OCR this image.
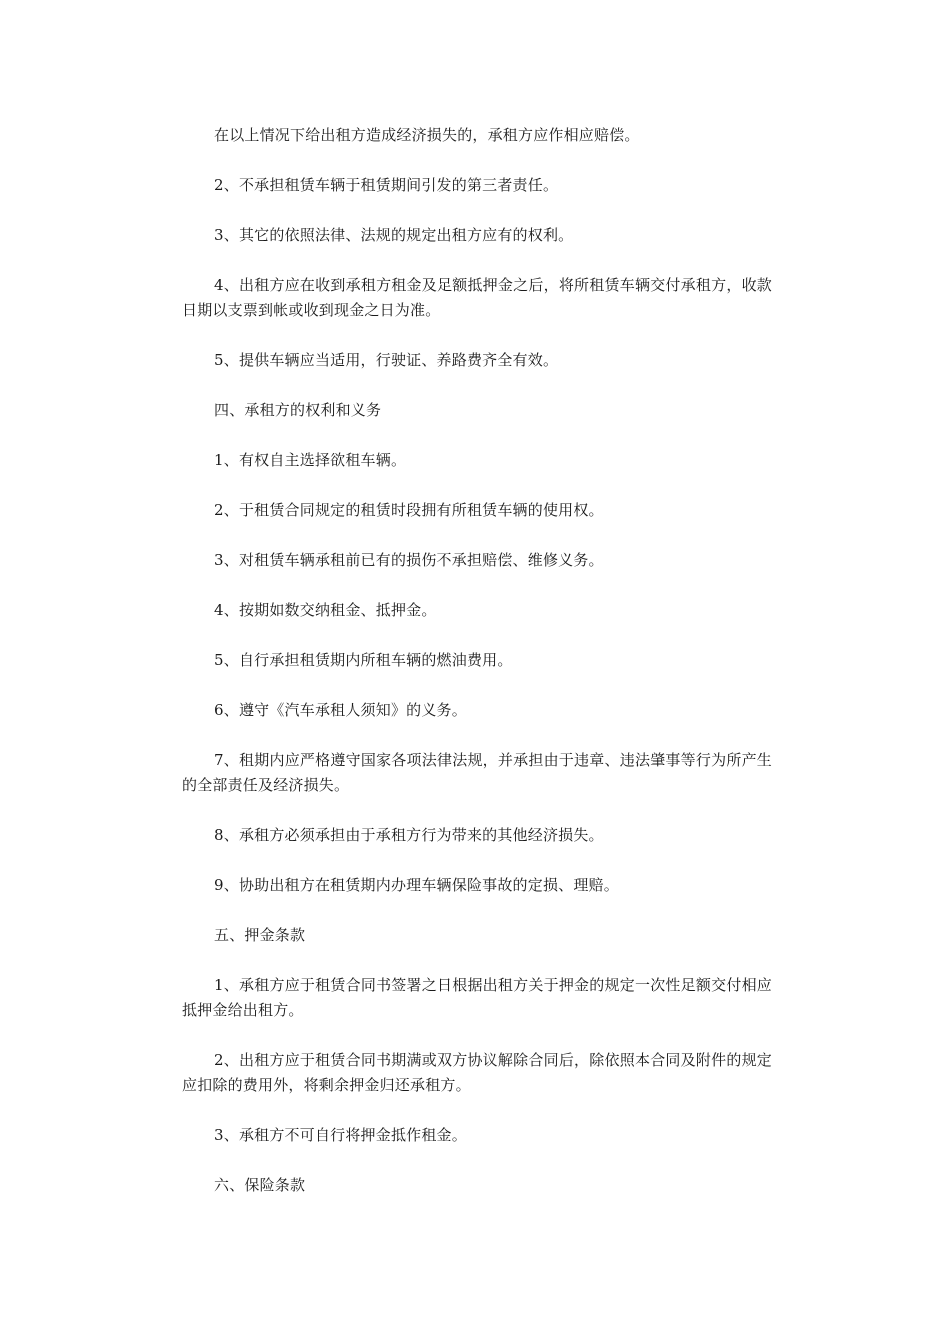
在以上情况下给出租方造成经济损失的，承租方应作相应赔偿。

2、不承担租赁车辆于租赁期间引发的第三者责任。

3、其它的依照法律、法规的规定出租方应有的权利。

4、出租方应在收到承租方租金及足额抵押金之后，将所租赁车辆交付承租方，收款日期以支票到帐或收到现金之日为准。

5、提供车辆应当适用，行驶证、养路费齐全有效。

四、承租方的权利和义务

1、有权自主选择欲租车辆。

2、于租赁合同规定的租赁时段拥有所租赁车辆的使用权。

3、对租赁车辆承租前已有的损伤不承担赔偿、维修义务。

4、按期如数交纳租金、抵押金。

5、自行承担租赁期内所租车辆的燃油费用。

6、遵守《汽车承租人须知》的义务。

7、租期内应严格遵守国家各项法律法规，并承担由于违章、违法肇事等行为所产生的全部责任及经济损失。

8、承租方必须承担由于承租方行为带来的其他经济损失。

9、协助出租方在租赁期内办理车辆保险事故的定损、理赔。

五、押金条款

1、承租方应于租赁合同书签署之日根据出租方关于押金的规定一次性足额交付相应抵押金给出租方。

2、出租方应于租赁合同书期满或双方协议解除合同后，除依照本合同及附件的规定应扣除的费用外，将剩余押金归还承租方。

3、承租方不可自行将押金抵作租金。

六、保险条款
